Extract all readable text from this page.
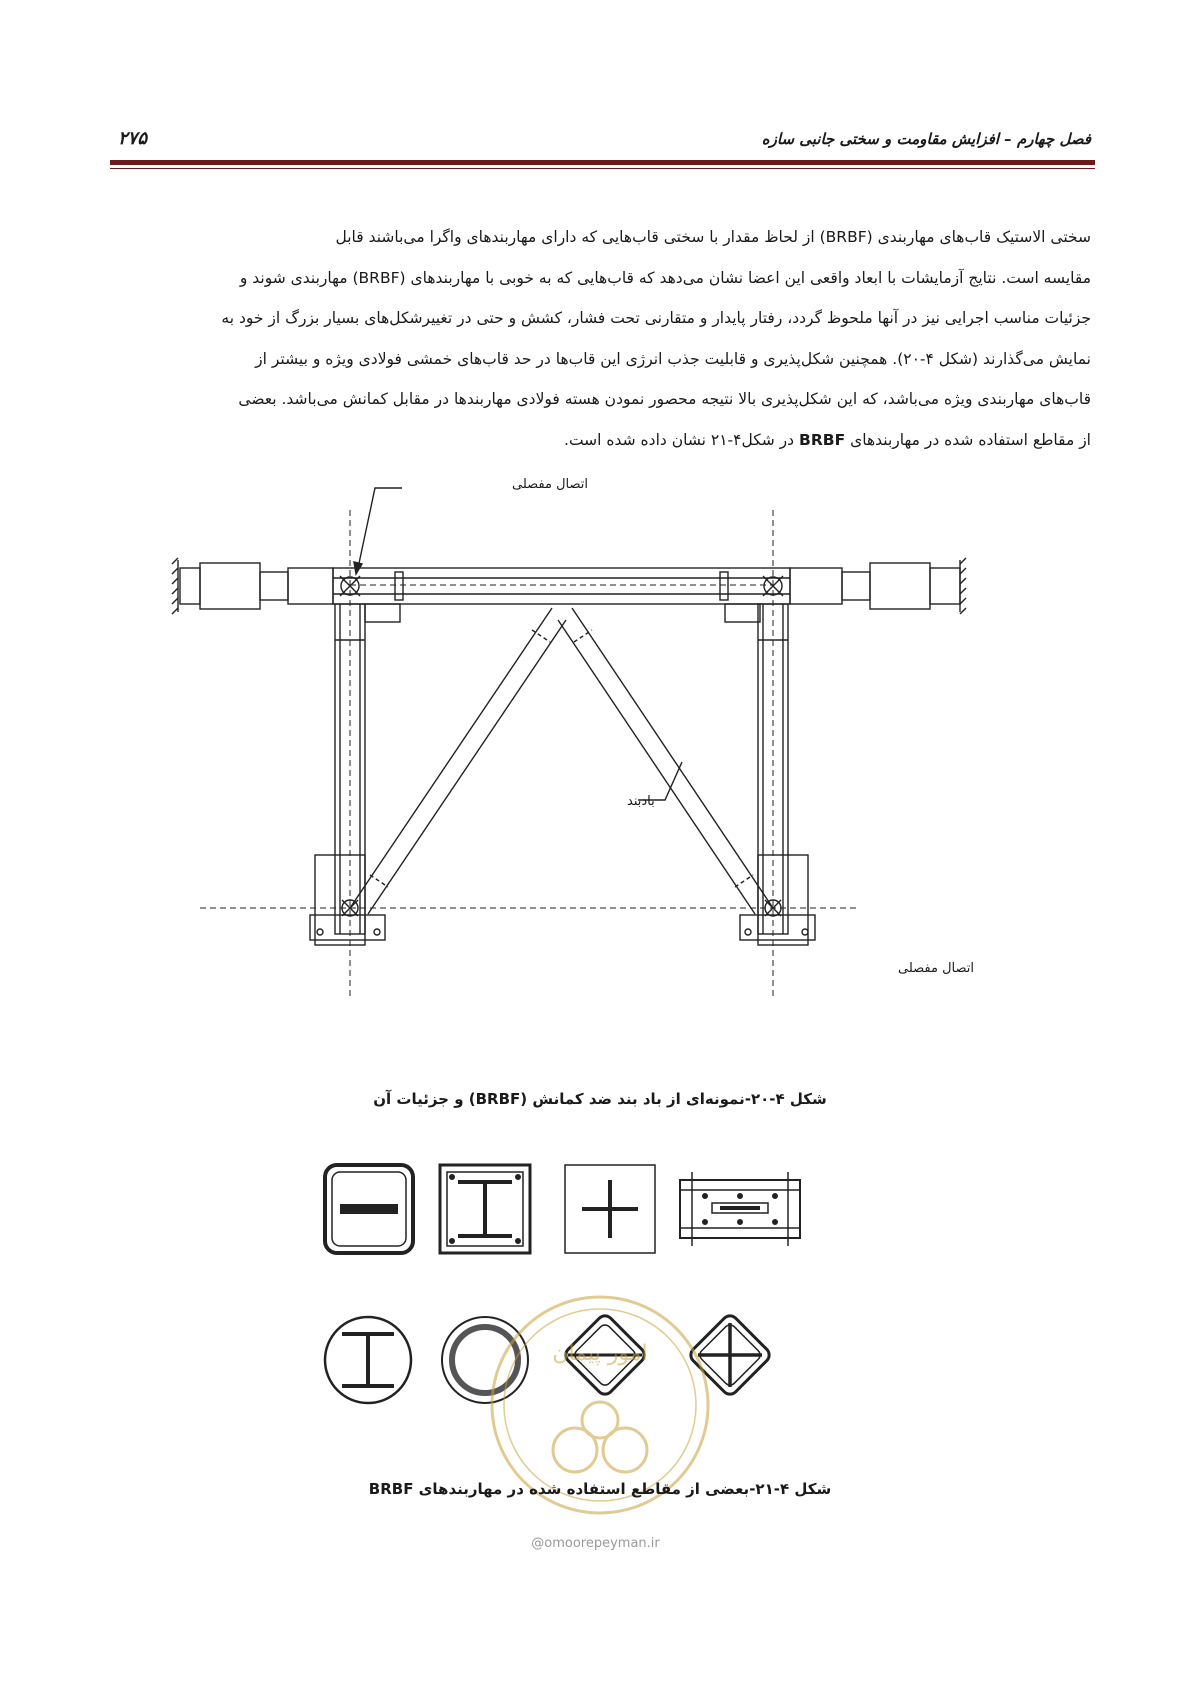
فصل چهارم – افزایش مقاومت و سختی جانبی سازه
۲۷۵

سختی الاستیک قاب‌های مهاربندی (BRBF) از لحاظ مقدار با سختی قاب‌هایی که دارای مهاربندهای واگرا می‌باشند قابل

مقایسه است. نتایج آزمایشات با ابعاد واقعی این اعضا نشان می‌دهد که قاب‌هایی که به خوبی با مهاربندهای (BRBF) مهاربندی شوند و

جزئیات مناسب اجرایی نیز در آنها ملحوظ گردد، رفتار پایدار و متقارنی تحت فشار، کشش و حتی در تغییرشکل‌های بسیار بزرگ از خود به

نمایش می‌گذارند (شکل ۴-۲۰). همچنین شکل‌پذیری و قابلیت جذب انرژی این قاب‌ها در حد قاب‌های خمشی فولادی ویژه و بیشتر از

قاب‌های مهاربندی ویژه می‌باشد، که این شکل‌پذیری بالا نتیجه محصور نمودن هسته فولادی مهاربندها در مقابل کمانش می‌باشد. بعضی

از مقاطع استفاده شده در مهاربندهای BRBF در شکل۴-۲۱ نشان داده شده است.

اتصال مفصلی
بادبند
اتصال مفصلی
شکل ۴-۲۰-نمونه‌ای از باد بند ضد کمانش (BRBF) و جزئیات آن
امور پیمان
شکل ۴-۲۱-بعضی از مقاطع استفاده شده در مهاربندهای BRBF
@omoorepeyman.ir
